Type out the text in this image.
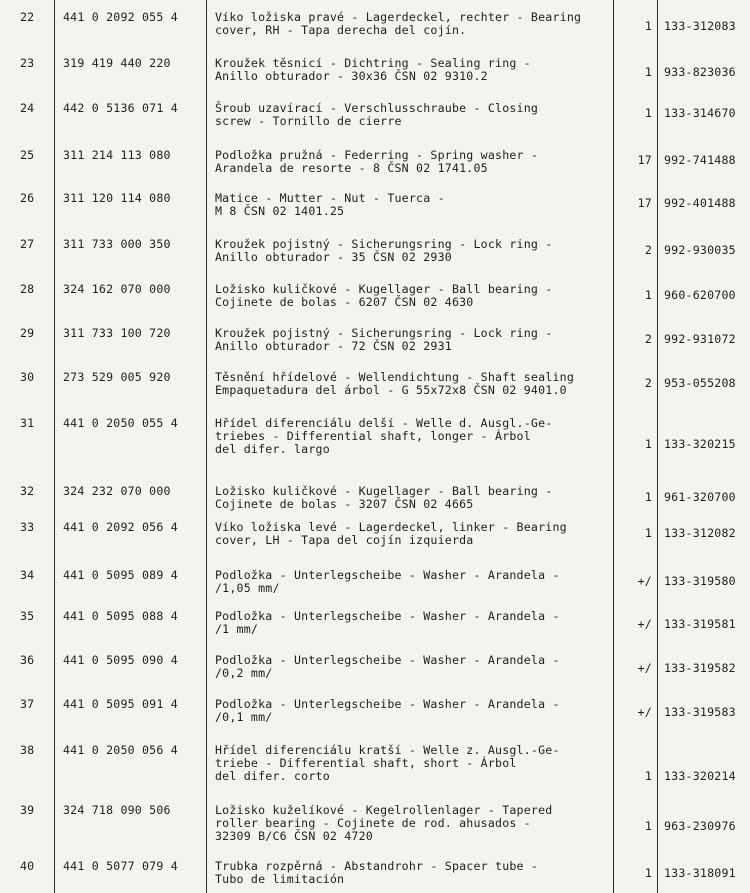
22	441 0 2092 055 4	Víko ložiska pravé - Lagerdeckel, rechter - Bearing
cover, RH - Tapa derecha del cojín.	1 133-312083
23	319 419 440 220	Kroužek těsnicí - Dichtring - Sealing ring -
Anillo obturador - 30x36 ČSN 02 9310.2	1 933-823036
24	442 0 5136 071 4	Šroub uzavírací - Verschlusschraube - Closing
screw - Tornillo de cierre
1 133-314670
25	311 214 113 080	Podložka pružná - Federring - Spring washer -
Arandela de resorte - 8 ČSN 02 1741.05
17 992-741488
26	311 120 114 080	Matice - Mutter - Nut - Tuerca -
M 8 ČSN 02 1401.25
17 992-401488
27	311 733 000 350	Kroužek pojistný - Sicherungsring - Lock ring -
Anillo obturador - 35 ČSN 02 2930	2 992-930035
28	324 162 070 000	Ložisko kuličkové - Kugellager - Ball bearing -
Cojinete de bolas - 6207 ČSN 02 4630	1 960-620700
29	311 733 100 720	Kroužek pojistný - Sicherungsring - Lock ring -
Anillo obturador - 72 ČSN 02 2931	2 992-931072
30	273 529 005 920	Těsnění hřídelové - Wellendichtung - Shaft sealing
Empaquetadura del árbol - G 55x72x8 ČSN 02 9401.0	2 953-055208
31	441 0 2050 055 4	Hřídel diferenciálu delší - Welle d. Ausgl.-Ge-
triebes - Differential shaft, longer - Árbol
del difer. largo	1 133-320215
32	324 232 070 000	Ložisko kuličkové - Kugellager - Ball bearing -
Cojinete de bolas - 3207 ČSN 02 4665	1 961-320700
33	441 0 2092 056 4	Víko ložiska levé - Lagerdeckel, linker - Bearing
cover, LH - Tapa del cojín izquierda	1 133-312082
34	441 0 5095 089 4	Podložka - Unterlegscheibe - Washer - Arandela -
/1,05 mm/	+/ 133-319580
35	441 0 5095 088 4	Podložka - Unterlegscheibe - Washer - Arandela -
/1 mm/	+/ 133-319581
36	441 0 5095 090 4	Podložka - Unterlegscheibe - Washer - Arandela -
/0,2 mm/	+/ 133-319582
37	441 0 5095 091 4	Podložka - Unterlegscheibe - Washer - Arandela -
/0,1 mm/	+/ 133-319583
38	441 0 2050 056 4	Hřídel diferenciálu kratší - Welle z. Ausgl.-Ge-
triebe - Differential shaft, short - Árbol
del difer. corto	1 133-320214
39	324 718 090 506	Ložisko kuželíkové - Kegelrollenlager - Tapered
roller bearing - Cojinete de rod. ahusados -
32309 B/C6 ČSN 02 4720
1 963-230976
40	441 0 5077 079 4	Trubka rozpěrná - Abstandrohr - Spacer tube -
Tubo de limitación	1 133-318091
